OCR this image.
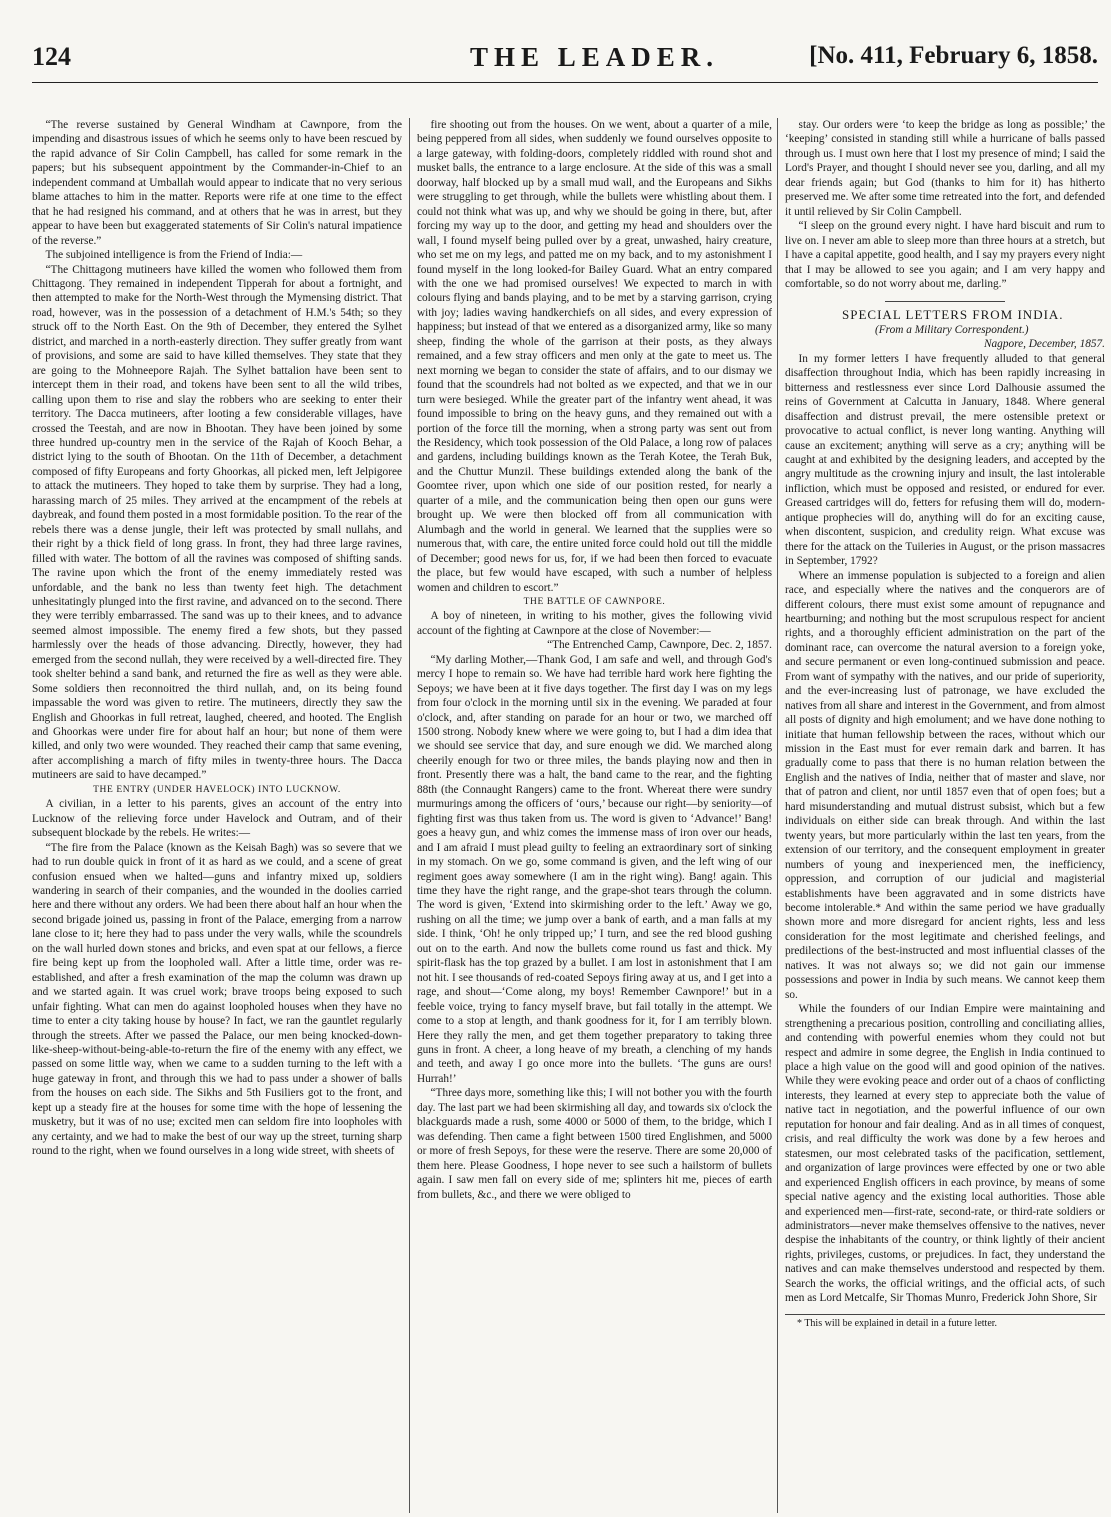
124	THE LEADER.	[No. 411, February 6, 1858.

“The reverse sustained by General Windham at Cawnpore, from the impending and disastrous issues of which he seems only to have been rescued by the rapid advance of Sir Colin Campbell, has called for some remark in the papers; but his subsequent appointment by the Commander-in-Chief to an independent command at Umballah would appear to indicate that no very serious blame attaches to him in the matter. Reports were rife at one time to the effect that he had resigned his command, and at others that he was in arrest, but they appear to have been but exaggerated statements of Sir Colin's natural impatience of the reverse.”

The subjoined intelligence is from the Friend of India:—

“The Chittagong mutineers have killed the women who followed them from Chittagong. They remained in independent Tipperah for about a fortnight, and then attempted to make for the North-West through the Mymensing district. That road, however, was in the possession of a detachment of H.M.'s 54th; so they struck off to the North East. On the 9th of December, they entered the Sylhet district, and marched in a north-easterly direction. They suffer greatly from want of provisions, and some are said to have killed themselves. They state that they are going to the Mohneepore Rajah. The Sylhet battalion have been sent to intercept them in their road, and tokens have been sent to all the wild tribes, calling upon them to rise and slay the robbers who are seeking to enter their territory. The Dacca mutineers, after looting a few considerable villages, have crossed the Teestah, and are now in Bhootan. They have been joined by some three hundred up-country men in the service of the Rajah of Kooch Behar, a district lying to the south of Bhootan. On the 11th of December, a detachment composed of fifty Europeans and forty Ghoorkas, all picked men, left Jelpigoree to attack the mutineers. They hoped to take them by surprise. They had a long, harassing march of 25 miles. They arrived at the encampment of the rebels at daybreak, and found them posted in a most formidable position. To the rear of the rebels there was a dense jungle, their left was protected by small nullahs, and their right by a thick field of long grass. In front, they had three large ravines, filled with water. The bottom of all the ravines was composed of shifting sands. The ravine upon which the front of the enemy immediately rested was unfordable, and the bank no less than twenty feet high. The detachment unhesitatingly plunged into the first ravine, and advanced on to the second. There they were terribly embarrassed. The sand was up to their knees, and to advance seemed almost impossible. The enemy fired a few shots, but they passed harmlessly over the heads of those advancing. Directly, however, they had emerged from the second nullah, they were received by a well-directed fire. They took shelter behind a sand bank, and returned the fire as well as they were able. Some soldiers then reconnoitred the third nullah, and, on its being found impassable the word was given to retire. The mutineers, directly they saw the English and Ghoorkas in full retreat, laughed, cheered, and hooted. The English and Ghoorkas were under fire for about half an hour; but none of them were killed, and only two were wounded. They reached their camp that same evening, after accomplishing a march of fifty miles in twenty-three hours. The Dacca mutineers are said to have decamped.”

THE ENTRY (UNDER HAVELOCK) INTO LUCKNOW.

A civilian, in a letter to his parents, gives an account of the entry into Lucknow of the relieving force under Havelock and Outram, and of their subsequent blockade by the rebels. He writes:—

“The fire from the Palace (known as the Keisah Bagh) was so severe that we had to run double quick in front of it as hard as we could, and a scene of great confusion ensued when we halted—guns and infantry mixed up, soldiers wandering in search of their companies, and the wounded in the doolies carried here and there without any orders. We had been there about half an hour when the second brigade joined us, passing in front of the Palace, emerging from a narrow lane close to it; here they had to pass under the very walls, while the scoundrels on the wall hurled down stones and bricks, and even spat at our fellows, a fierce fire being kept up from the loopholed wall. After a little time, order was re-established, and after a fresh examination of the map the column was drawn up and we started again. It was cruel work; brave troops being exposed to such unfair fighting. What can men do against loopholed houses when they have no time to enter a city taking house by house? In fact, we ran the gauntlet regularly through the streets. After we passed the Palace, our men being knocked-down-like-sheep-without-being-able-to-return the fire of the enemy with any effect, we passed on some little way, when we came to a sudden turning to the left with a huge gateway in front, and through this we had to pass under a shower of balls from the houses on each side. The Sikhs and 5th Fusiliers got to the front, and kept up a steady fire at the houses for some time with the hope of lessening the musketry, but it was of no use; excited men can seldom fire into loopholes with any certainty, and we had to make the best of our way up the street, turning sharp round to the right, when we found ourselves in a long wide street, with sheets of

fire shooting out from the houses. On we went, about a quarter of a mile, being peppered from all sides, when suddenly we found ourselves opposite to a large gateway, with folding-doors, completely riddled with round shot and musket balls, the entrance to a large enclosure. At the side of this was a small doorway, half blocked up by a small mud wall, and the Europeans and Sikhs were struggling to get through, while the bullets were whistling about them. I could not think what was up, and why we should be going in there, but, after forcing my way up to the door, and getting my head and shoulders over the wall, I found myself being pulled over by a great, unwashed, hairy creature, who set me on my legs, and patted me on my back, and to my astonishment I found myself in the long looked-for Bailey Guard. What an entry compared with the one we had promised ourselves! We expected to march in with colours flying and bands playing, and to be met by a starving garrison, crying with joy; ladies waving handkerchiefs on all sides, and every expression of happiness; but instead of that we entered as a disorganized army, like so many sheep, finding the whole of the garrison at their posts, as they always remained, and a few stray officers and men only at the gate to meet us. The next morning we began to consider the state of affairs, and to our dismay we found that the scoundrels had not bolted as we expected, and that we in our turn were besieged. While the greater part of the infantry went ahead, it was found impossible to bring on the heavy guns, and they remained out with a portion of the force till the morning, when a strong party was sent out from the Residency, which took possession of the Old Palace, a long row of palaces and gardens, including buildings known as the Terah Kotee, the Terah Buk, and the Chuttur Munzil. These buildings extended along the bank of the Goomtee river, upon which one side of our position rested, for nearly a quarter of a mile, and the communication being then open our guns were brought up. We were then blocked off from all communication with Alumbagh and the world in general. We learned that the supplies were so numerous that, with care, the entire united force could hold out till the middle of December; good news for us, for, if we had been then forced to evacuate the place, but few would have escaped, with such a number of helpless women and children to escort.”

THE BATTLE OF CAWNPORE.

A boy of nineteen, in writing to his mother, gives the following vivid account of the fighting at Cawnpore at the close of November:—

“The Entrenched Camp, Cawnpore, Dec. 2, 1857.

“My darling Mother,—Thank God, I am safe and well, and through God's mercy I hope to remain so. We have had terrible hard work here fighting the Sepoys; we have been at it five days together. The first day I was on my legs from four o'clock in the morning until six in the evening. We paraded at four o'clock, and, after standing on parade for an hour or two, we marched off 1500 strong. Nobody knew where we were going to, but I had a dim idea that we should see service that day, and sure enough we did. We marched along cheerily enough for two or three miles, the bands playing now and then in front. Presently there was a halt, the band came to the rear, and the fighting 88th (the Connaught Rangers) came to the front. Whereat there were sundry murmurings among the officers of ‘ours,’ because our right—by seniority—of fighting first was thus taken from us. The word is given to ‘Advance!’ Bang! goes a heavy gun, and whiz comes the immense mass of iron over our heads, and I am afraid I must plead guilty to feeling an extraordinary sort of sinking in my stomach. On we go, some command is given, and the left wing of our regiment goes away somewhere (I am in the right wing). Bang! again. This time they have the right range, and the grape-shot tears through the column. The word is given, ‘Extend into skirmishing order to the left.’ Away we go, rushing on all the time; we jump over a bank of earth, and a man falls at my side. I think, ‘Oh! he only tripped up;’ I turn, and see the red blood gushing out on to the earth. And now the bullets come round us fast and thick. My spirit-flask has the top grazed by a bullet. I am lost in astonishment that I am not hit. I see thousands of red-coated Sepoys firing away at us, and I get into a rage, and shout—‘Come along, my boys! Remember Cawnpore!’ but in a feeble voice, trying to fancy myself brave, but fail totally in the attempt. We come to a stop at length, and thank goodness for it, for I am terribly blown. Here they rally the men, and get them together preparatory to taking three guns in front. A cheer, a long heave of my breath, a clenching of my hands and teeth, and away I go once more into the bullets. ‘The guns are ours! Hurrah!’

“Three days more, something like this; I will not bother you with the fourth day. The last part we had been skirmishing all day, and towards six o'clock the blackguards made a rush, some 4000 or 5000 of them, to the bridge, which I was defending. Then came a fight between 1500 tired Englishmen, and 5000 or more of fresh Sepoys, for these were the reserve. There are some 20,000 of them here. Please Goodness, I hope never to see such a hailstorm of bullets again. I saw men fall on every side of me; splinters hit me, pieces of earth from bullets, &c., and there we were obliged to

stay. Our orders were ‘to keep the bridge as long as possible;’ the ‘keeping’ consisted in standing still while a hurricane of balls passed through us. I must own here that I lost my presence of mind; I said the Lord's Prayer, and thought I should never see you, darling, and all my dear friends again; but God (thanks to him for it) has hitherto preserved me. We after some time retreated into the fort, and defended it until relieved by Sir Colin Campbell.

“I sleep on the ground every night. I have hard biscuit and rum to live on. I never am able to sleep more than three hours at a stretch, but I have a capital appetite, good health, and I say my prayers every night that I may be allowed to see you again; and I am very happy and comfortable, so do not worry about me, darling.”

SPECIAL LETTERS FROM INDIA.

(From a Military Correspondent.)

Nagpore, December, 1857.

In my former letters I have frequently alluded to that general disaffection throughout India, which has been rapidly increasing in bitterness and restlessness ever since Lord Dalhousie assumed the reins of Government at Calcutta in January, 1848. Where general disaffection and distrust prevail, the mere ostensible pretext or provocative to actual conflict, is never long wanting. Anything will cause an excitement; anything will serve as a cry; anything will be caught at and exhibited by the designing leaders, and accepted by the angry multitude as the crowning injury and insult, the last intolerable infliction, which must be opposed and resisted, or endured for ever. Greased cartridges will do, fetters for refusing them will do, modern-antique prophecies will do, anything will do for an exciting cause, when discontent, suspicion, and credulity reign. What excuse was there for the attack on the Tuileries in August, or the prison massacres in September, 1792?

Where an immense population is subjected to a foreign and alien race, and especially where the natives and the conquerors are of different colours, there must exist some amount of repugnance and heartburning; and nothing but the most scrupulous respect for ancient rights, and a thoroughly efficient administration on the part of the dominant race, can overcome the natural aversion to a foreign yoke, and secure permanent or even long-continued submission and peace. From want of sympathy with the natives, and our pride of superiority, and the ever-increasing lust of patronage, we have excluded the natives from all share and interest in the Government, and from almost all posts of dignity and high emolument; and we have done nothing to initiate that human fellowship between the races, without which our mission in the East must for ever remain dark and barren. It has gradually come to pass that there is no human relation between the English and the natives of India, neither that of master and slave, nor that of patron and client, nor until 1857 even that of open foes; but a hard misunderstanding and mutual distrust subsist, which but a few individuals on either side can break through. And within the last twenty years, but more particularly within the last ten years, from the extension of our territory, and the consequent employment in greater numbers of young and inexperienced men, the inefficiency, oppression, and corruption of our judicial and magisterial establishments have been aggravated and in some districts have become intolerable.* And within the same period we have gradually shown more and more disregard for ancient rights, less and less consideration for the most legitimate and cherished feelings, and predilections of the best-instructed and most influential classes of the natives. It was not always so; we did not gain our immense possessions and power in India by such means. We cannot keep them so.

While the founders of our Indian Empire were maintaining and strengthening a precarious position, controlling and conciliating allies, and contending with powerful enemies whom they could not but respect and admire in some degree, the English in India continued to place a high value on the good will and good opinion of the natives. While they were evoking peace and order out of a chaos of conflicting interests, they learned at every step to appreciate both the value of native tact in negotiation, and the powerful influence of our own reputation for honour and fair dealing. And as in all times of conquest, crisis, and real difficulty the work was done by a few heroes and statesmen, our most celebrated tasks of the pacification, settlement, and organization of large provinces were effected by one or two able and experienced English officers in each province, by means of some special native agency and the existing local authorities. Those able and experienced men—first-rate, second-rate, or third-rate soldiers or administrators—never make themselves offensive to the natives, never despise the inhabitants of the country, or think lightly of their ancient rights, privileges, customs, or prejudices. In fact, they understand the natives and can make themselves understood and respected by them. Search the works, the official writings, and the official acts, of such men as Lord Metcalfe, Sir Thomas Munro, Frederick John Shore, Sir

* This will be explained in detail in a future letter.
